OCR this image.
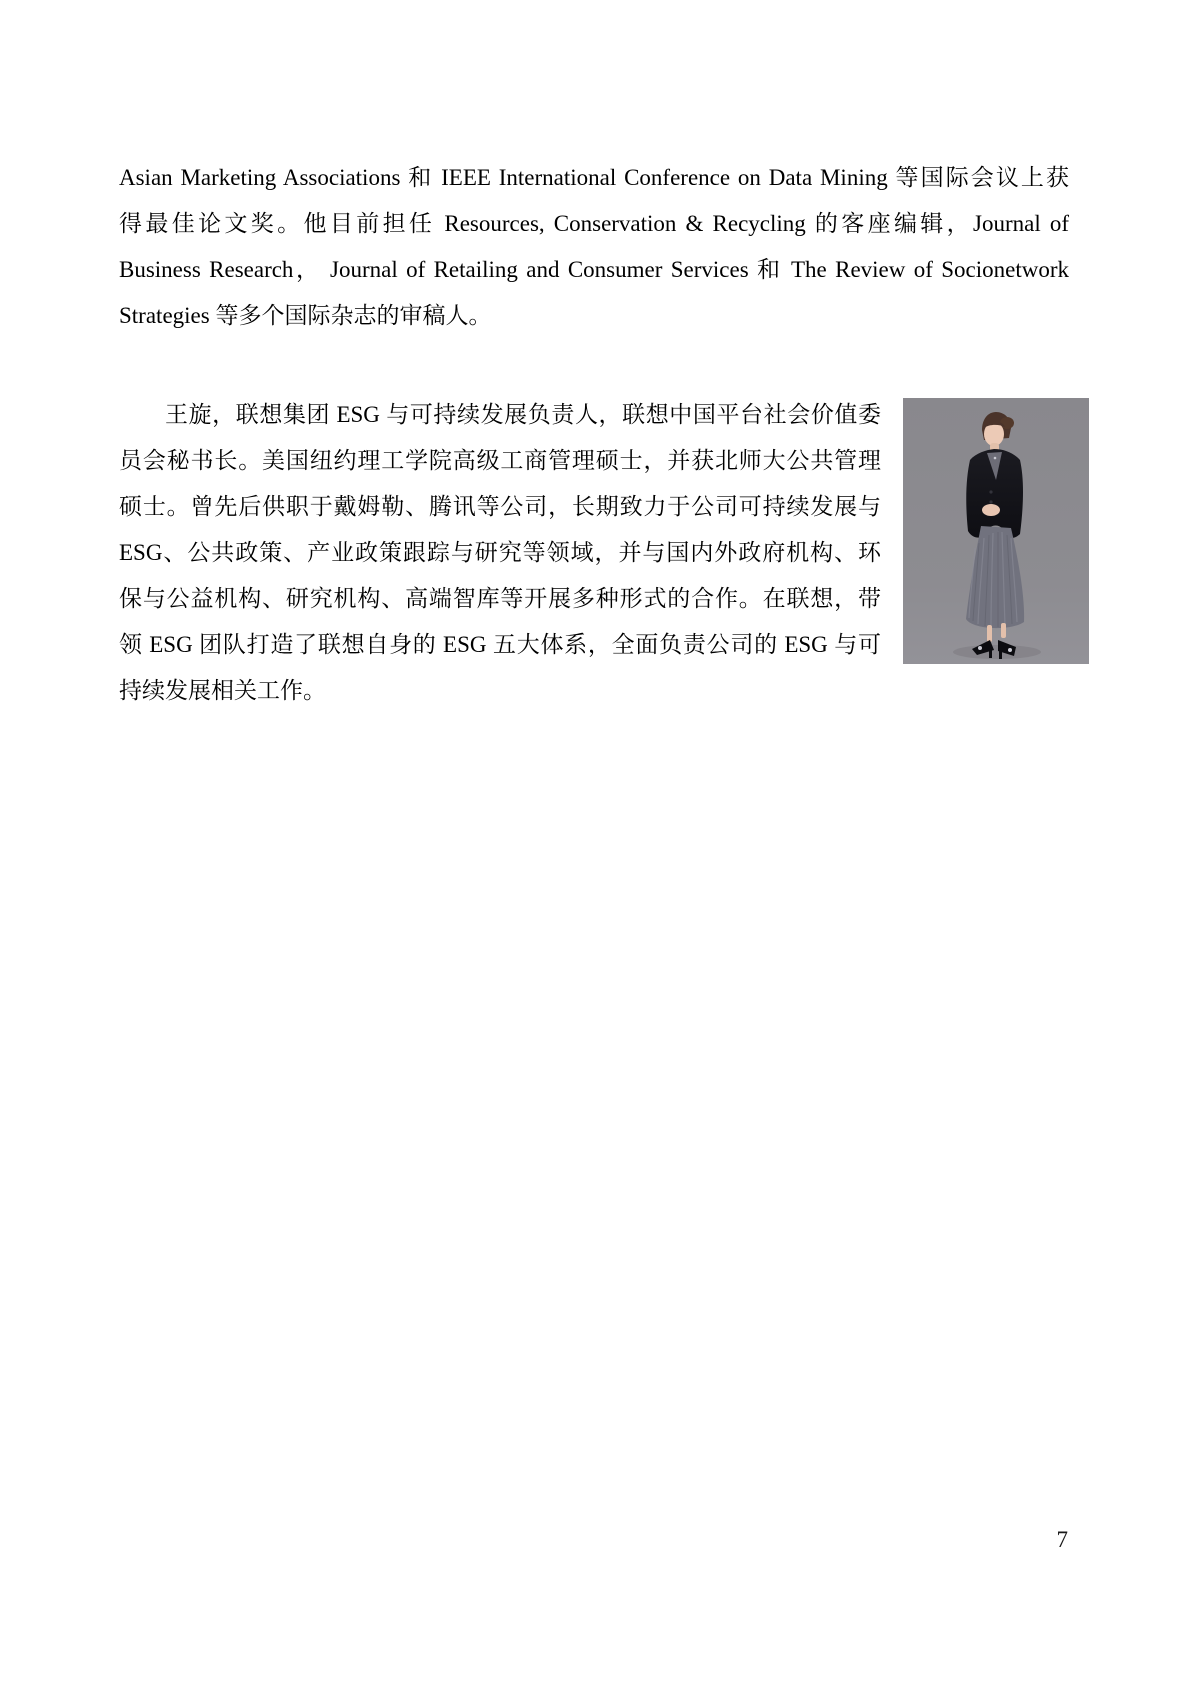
Asian Marketing Associations 和 IEEE International Conference on Data Mining 等国际会议上获
得最佳论文奖。他目前担任 Resources, Conservation & Recycling 的客座编辑，Journal of
Business Research， Journal of Retailing and Consumer Services 和 The Review of Socionetwork
Strategies 等多个国际杂志的审稿人。
王旋，联想集团 ESG 与可持续发展负责人，联想中国平台社会价值委
员会秘书长。美国纽约理工学院高级工商管理硕士，并获北师大公共管理
硕士。曾先后供职于戴姆勒、腾讯等公司，长期致力于公司可持续发展与
ESG、公共政策、产业政策跟踪与研究等领域，并与国内外政府机构、环
保与公益机构、研究机构、高端智库等开展多种形式的合作。在联想，带
领 ESG 团队打造了联想自身的 ESG 五大体系，全面负责公司的 ESG 与可
持续发展相关工作。
7
